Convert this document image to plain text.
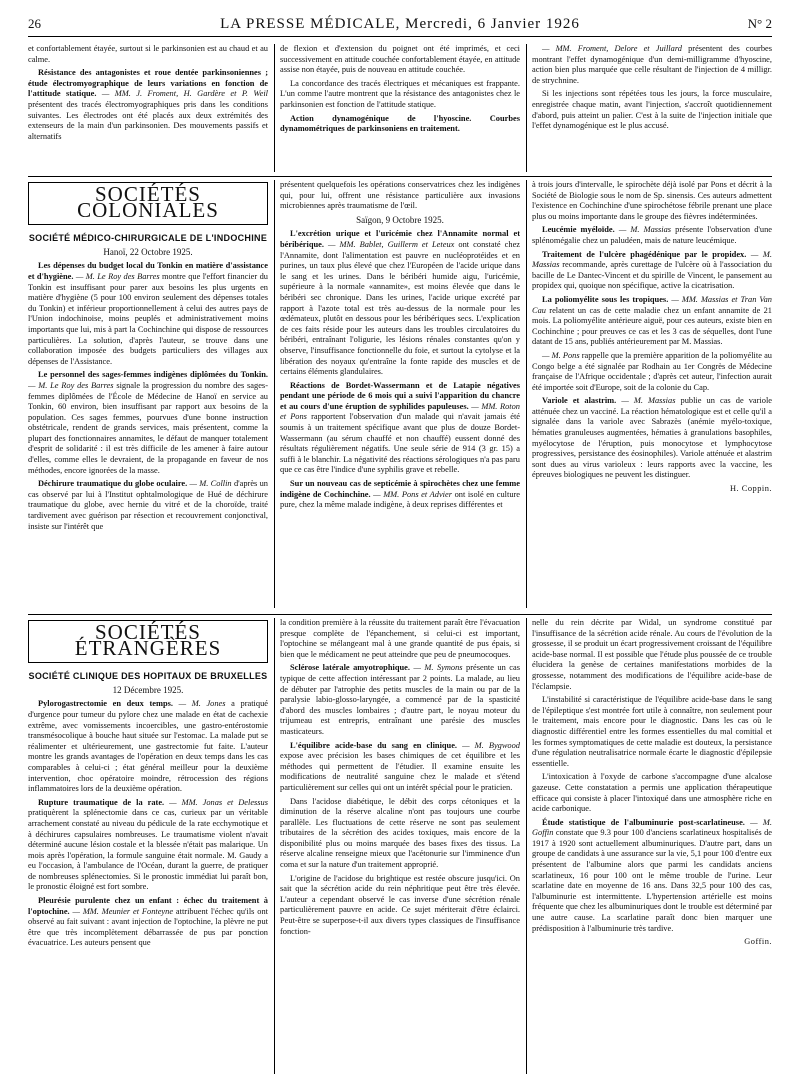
26	LA PRESSE MÉDICALE, Mercredi, 6 Janvier 1926	N° 2

et confortablement étayée, surtout si le parkinsonien est au chaud et au calme.

Résistance des antagonistes et roue dentée parkinsoniennes ; étude électromyographique de leurs variations en fonction de l'attitude statique. — MM. J. Froment, H. Gardère et P. Weil présentent des tracés électromyographiques pris dans les conditions suivantes. Les électrodes ont été placés aux deux extrémités des extenseurs de la main d'un parkinsonien. Des mouvements passifs et alternatifs

de flexion et d'extension du poignet ont été imprimés, et ceci successivement en attitude couchée confortablement étayée, en attitude assise non étayée, puis de nouveau en attitude couchée.

La concordance des tracés électriques et mécaniques est frappante. L'un comme l'autre montrent que la résistance des antagonistes chez le parkinsonien est fonction de l'attitude statique.

Action dynamogénique de l'hyoscine. Courbes dynamométriques de parkinsoniens en traitement.

— MM. Froment, Delore et Juillard présentent des courbes montrant l'effet dynamogénique d'un demi-milligramme d'hyoscine, action bien plus marquée que celle résultant de l'injection de 4 milligr. de strychnine.

Si les injections sont répétées tous les jours, la force musculaire, enregistrée chaque matin, avant l'injection, s'accroît quotidiennement d'abord, puis atteint un palier. C'est à la suite de l'injection initiale que l'effet dynamogénique est le plus accusé.

SOCIÉTÉS COLONIALES
SOCIÉTÉ MÉDICO-CHIRURGICALE DE L'INDOCHINE
Hanoï, 22 Octobre 1925.

Les dépenses du budget local du Tonkin en matière d'assistance et d'hygiène. — M. Le Roy des Barres montre que l'effort financier du Tonkin est insuffisant pour parer aux besoins les plus urgents en matière d'hygiène (5 pour 100 environ seulement des dépenses totales du Tonkin) et inférieur proportionnellement à celui des autres pays de l'Union indochinoise, moins peuplés et administrativement moins importants que lui, mis à part la Cochinchine qui dispose de ressources particulières. La solution, d'après l'auteur, se trouve dans une collaboration imposée des budgets particuliers des villages aux dépenses de l'Assistance.

Le personnel des sages-femmes indigènes diplômées du Tonkin. — M. Le Roy des Barres signale la progression du nombre des sages-femmes diplômées de l'École de Médecine de Hanoï en service au Tonkin, 60 environ, bien insuffisant par rapport aux besoins de la population. Ces sages femmes, pourvues d'une bonne instruction obstétricale, rendent de grands services, mais présentent, comme la plupart des fonctionnaires annamites, le défaut de manquer totalement d'esprit de solidarité : il est très difficile de les amener à faire autour d'elles, comme elles le devraient, de la propagande en faveur de nos méthodes, encore ignorées de la masse.

Déchirure traumatique du globe oculaire. — M. Collin d'après un cas observé par lui à l'Institut ophtalmologique de Hué de déchirure traumatique du globe, avec hernie du vitré et de la choroïde, traité tardivement avec guérison par résection et recouvrement conjonctival, insiste sur l'intérêt que

présentent quelquefois les opérations conservatrices chez les indigènes qui, pour lui, offrent une résistance particulière aux invasions microbiennes après traumatisme de l'œil.

Saïgon, 9 Octobre 1925.

L'excrétion urique et l'uricémie chez l'Annamite normal et béribérique. — MM. Bablet, Guillerm et Leteux ont constaté chez l'Annamite, dont l'alimentation est pauvre en nucléoprotéides et en purines, un taux plus élevé que chez l'Européen de l'acide urique dans le sang et les urines. Dans le béribéri humide aigu, l'uricémie, supérieure à la normale «annamite», est moins élevée que dans le béribéri sec chronique. Dans les urines, l'acide urique excrété par rapport à l'azote total est très au-dessus de la normale pour les œdémateux, plutôt en dessous pour les béribériques secs. L'explication de ces faits réside pour les auteurs dans les troubles circulatoires du béribéri, entraînant l'oligurie, les lésions rénales constantes qu'on y observe, l'insuffisance fonctionnelle du foie, et surtout la cytolyse et la libération des noyaux qu'entraîne la fonte rapide des muscles et de certains éléments glandulaires.

Réactions de Bordet-Wassermann et de Latapie négatives pendant une période de 6 mois qui a suivi l'apparition du chancre et au cours d'une éruption de syphilides papuleuses. — MM. Roton et Pons rapportent l'observation d'un malade qui n'avait jamais été soumis à un traitement spécifique avant que plus de douze Bordet-Wassermann (au sérum chauffé et non chauffé) eussent donné des résultats régulièrement négatifs. Une seule série de 914 (3 gr. 15) a suffi à le blanchir. La négativité des réactions sérologiques n'a pas paru que ce cas être l'indice d'une syphilis grave et rebelle.

Sur un nouveau cas de septicémie à spirochètes chez une femme indigène de Cochinchine. — MM. Pons et Advier ont isolé en culture pure, chez la même malade indigène, à deux reprises différentes et

à trois jours d'intervalle, le spirochète déjà isolé par Pons et décrit à la Société de Biologie sous le nom de Sp. sinensis. Ces auteurs admettent l'existence en Cochinchine d'une spirochétose fébrile prenant une place plus ou moins importante dans le groupe des fièvres indéterminées.

Leucémie myéloïde. — M. Massias présente l'observation d'une splénomégalie chez un paludéen, mais de nature leucémique.

Traitement de l'ulcère phagédénique par le propidex. — M. Massias recommande, après curettage de l'ulcère où à l'association du bacille de Le Dantec-Vincent et du spirille de Vincent, le pansement au propidex qui, quoique non spécifique, active la cicatrisation.

La poliomyélite sous les tropiques. — MM. Massias et Tran Van Cau relatent un cas de cette maladie chez un enfant annamite de 21 mois. La poliomyélite antérieure aiguë, pour ces auteurs, existe bien en Cochinchine ; pour preuves ce cas et les 3 cas de séquelles, dont l'une datant de 15 ans, publiés antérieurement par M. Massias.

— M. Pons rappelle que la première apparition de la poliomyélite au Congo belge a été signalée par Rodhain au 1er Congrès de Médecine française de l'Afrique occidentale ; d'après cet auteur, l'infection aurait été importée soit d'Europe, soit de la colonie du Cap.

Variole et alastrim. — M. Massias publie un cas de variole atténuée chez un vacciné. La réaction hématologique est et celle qu'il a signalée dans la variole avec Sabrazès (anémie myélo-toxique, hématies granuleuses augmentées, hématies à granulations basophiles, myélocytose de l'éruption, puis monocytose et lymphocytose progressives, persistance des éosinophiles). Variole atténuée et alastrim sont dues au virus varioleux : leurs rapports avec la vaccine, les épreuves biologiques ne peuvent les distinguer.

H. Coppin.
SOCIÉTÉS ÉTRANGÈRES
SOCIÉTÉ CLINIQUE DES HOPITAUX DE BRUXELLES
12 Décembre 1925.

Pylorogastrectomie en deux temps. — M. Jones a pratiqué d'urgence pour tumeur du pylore chez une malade en état de cachexie extrême, avec vomissements incoercibles, une gastro-entérostomie transmésocolique à bouche haut située sur l'estomac. La malade put se réalimenter et ultérieurement, une gastrectomie fut faite. L'auteur montre les grands avantages de l'opération en deux temps dans les cas comparables à celui-ci ; état général meilleur pour la deuxième intervention, choc opératoire moindre, rétrocession des régions inflammatoires lors de la deuxième opération.

Rupture traumatique de la rate. — MM. Jonas et Delessus pratiquèrent la splénectomie dans ce cas, curieux par un véritable arrachement constaté au niveau du pédicule de la rate ecchymotique et à déchirures capsulaires nombreuses. Le traumatisme violent n'avait déterminé aucune lésion costale et la blessée n'était pas malarique. Un mois après l'opération, la formule sanguine était normale. M. Gaudy a eu l'occasion, à l'ambulance de l'Océan, durant la guerre, de pratiquer de nombreuses splénectomies. Si le pronostic immédiat lui paraît bon, le pronostic éloigné est fort sombre.

Pleurésie purulente chez un enfant : échec du traitement à l'optochine. — MM. Meunier et Fonteyne attribuent l'échec qu'ils ont observé au fait suivant : avant injection de l'optochine, la plèvre ne put être que très incomplètement débarrassée de pus par ponction évacuatrice. Les auteurs pensent que

la condition première à la réussite du traitement paraît être l'évacuation presque complète de l'épanchement, si celui-ci est important, l'optochine se mélangeant mal à une grande quantité de pus épais, si bien que le médicament ne peut atteindre que peu de pneumocoques.

Sclérose latérale amyotrophique. — M. Symons présente un cas typique de cette affection intéressant par 2 points. La malade, au lieu de débuter par l'atrophie des petits muscles de la main ou par de la paralysie labio-glosso-laryngée, a commencé par de la spasticité d'abord des muscles lombaires ; d'autre part, le noyau moteur du trijumeau est entrepris, entraînant une parésie des muscles masticateurs.

L'équilibre acide-base du sang en clinique. — M. Bygwood expose avec précision les bases chimiques de cet équilibre et les méthodes qui permettent de l'étudier. Il examine ensuite les modifications de neutralité sanguine chez le malade et s'étend particulièrement sur celles qui ont un intérêt spécial pour le praticien.

Dans l'acidose diabétique, le débit des corps cétoniques et la diminution de la réserve alcaline n'ont pas toujours une courbe parallèle. Les fluctuations de cette réserve ne sont pas seulement tributaires de la sécrétion des acides toxiques, mais encore de la disponibilité plus ou moins marquée des bases fixes des tissus. La réserve alcaline renseigne mieux que l'acétonurie sur l'imminence d'un coma et sur la nature d'un traitement approprié.

L'origine de l'acidose du brightique est restée obscure jusqu'ici. On sait que la sécrétion acide du rein néphritique peut être très élevée. L'auteur a cependant observé le cas inverse d'une sécrétion rénale particulièrement pauvre en acide. Ce sujet mériterait d'être éclairci. Peut-être se superpose-t-il aux divers types classiques de l'insuffisance fonction-

nelle du rein décrite par Widal, un syndrome constitué par l'insuffisance de la sécrétion acide rénale. Au cours de l'évolution de la grossesse, il se produit un écart progressivement croissant de l'équilibre acide-base normal. Il est possible que l'étude plus poussée de ce trouble élucidera la genèse de certaines manifestations morbides de la grossesse, notamment des modifications de l'équilibre acide-base de l'éclampsie.

L'instabilité si caractéristique de l'équilibre acide-base dans le sang de l'épileptique s'est montrée fort utile à connaître, non seulement pour le traitement, mais encore pour le diagnostic. Dans les cas où le diagnostic différentiel entre les formes essentielles du mal comitial et les formes symptomatiques de cette maladie est douteux, la persistance d'une régulation neutralisatrice normale écarte le diagnostic d'épilepsie essentielle.

L'intoxication à l'oxyde de carbone s'accompagne d'une alcalose gazeuse. Cette constatation a permis une application thérapeutique efficace qui consiste à placer l'intoxiqué dans une atmosphère riche en acide carbonique.

Étude statistique de l'albuminurie post-scarlatineuse. — M. Goffin constate que 9.3 pour 100 d'anciens scarlatineux hospitalisés de 1917 à 1920 sont actuellement albuminuriques. D'autre part, dans un groupe de candidats à une assurance sur la vie, 5,1 pour 100 d'entre eux présentent de l'albumine alors que parmi les candidats anciens scarlatineux, 16 pour 100 ont le même trouble de l'urine. Leur scarlatine date en moyenne de 16 ans. Dans 32,5 pour 100 des cas, l'albuminurie est intermittente. L'hypertension artérielle est moins fréquente que chez les albuminuriques dont le trouble est déterminé par une autre cause. La scarlatine paraît donc bien marquer une prédisposition à l'albuminurie très tardive.

Goffin.
